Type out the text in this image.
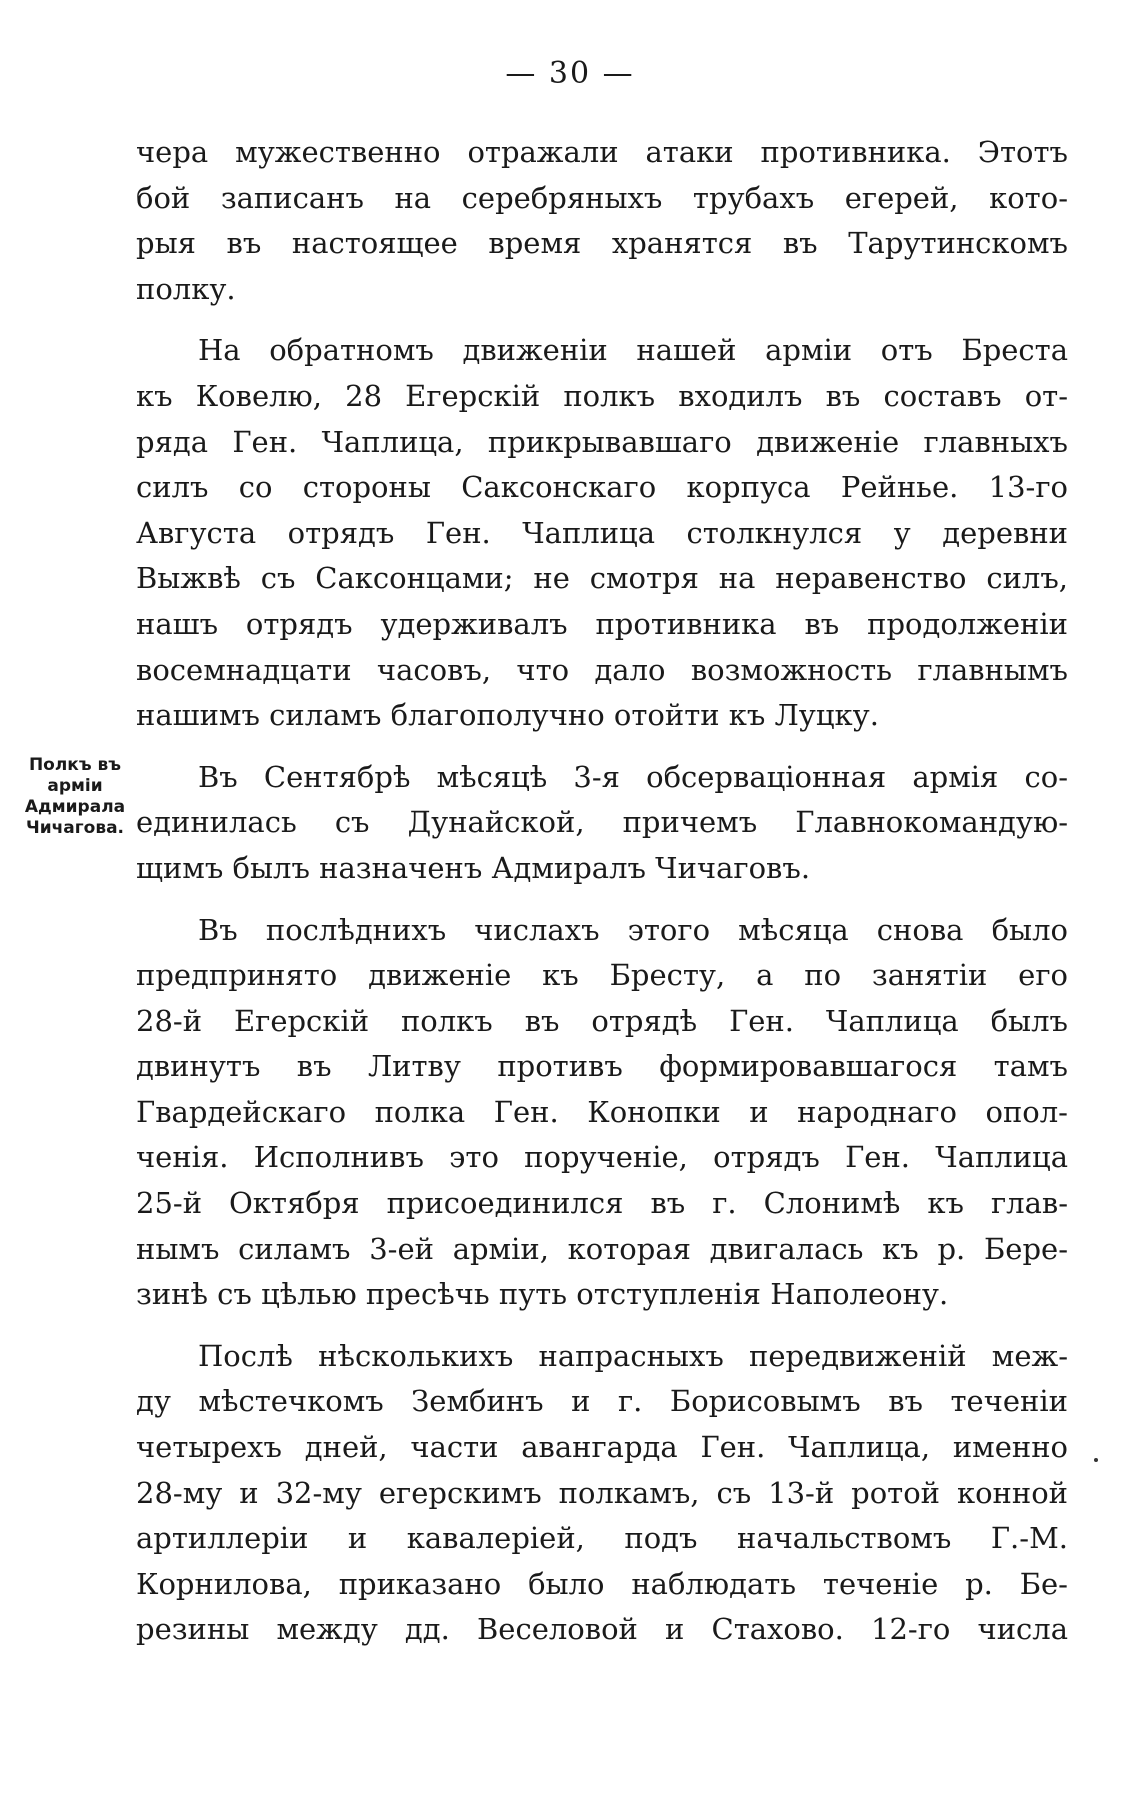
— 30 —
Полкъ въ
арміи
Адмирала
Чичагова.
чера мужественно отражали атаки противника. Этотъ
бой записанъ на серебряныхъ трубахъ егерей, кото-
рыя въ настоящее время хранятся въ Тарутинскомъ
полку.
На обратномъ движеніи нашей арміи отъ Бреста
къ Ковелю, 28 Егерскій полкъ входилъ въ составъ от-
ряда Ген. Чаплица, прикрывавшаго движеніе главныхъ
силъ со стороны Саксонскаго корпуса Рейнье. 13-го
Августа отрядъ Ген. Чаплица столкнулся у деревни
Выжвѣ съ Саксонцами; не смотря на неравенство силъ,
нашъ отрядъ удерживалъ противника въ продолженіи
восемнадцати часовъ, что дало возможность главнымъ
нашимъ силамъ благополучно отойти къ Луцку.
Въ Сентябрѣ мѣсяцѣ 3-я обсерваціонная армія со-
единилась съ Дунайской, причемъ Главнокомандую-
щимъ былъ назначенъ Адмиралъ Чичаговъ.
Въ послѣднихъ числахъ этого мѣсяца снова было
предпринято движеніе къ Бресту, а по занятіи его
28-й Егерскій полкъ въ отрядѣ Ген. Чаплица былъ
двинутъ въ Литву противъ формировавшагося тамъ
Гвардейскаго полка Ген. Конопки и народнаго опол-
ченія. Исполнивъ это порученіе, отрядъ Ген. Чаплица
25-й Октября присоединился въ г. Слонимѣ къ глав-
нымъ силамъ 3-ей арміи, которая двигалась къ р. Бере-
зинѣ съ цѣлью пресѣчь путь отступленія Наполеону.
Послѣ нѣсколькихъ напрасныхъ передвиженій меж-
ду мѣстечкомъ Зембинъ и г. Борисовымъ въ теченіи
четырехъ дней, части авангарда Ген. Чаплица, именно
28-му и 32-му егерскимъ полкамъ, съ 13-й ротой конной
артиллеріи и кавалеріей, подъ начальствомъ Г.-М.
Корнилова, приказано было наблюдать теченіе р. Бе-
резины между дд. Веселовой и Стахово. 12-го числа
